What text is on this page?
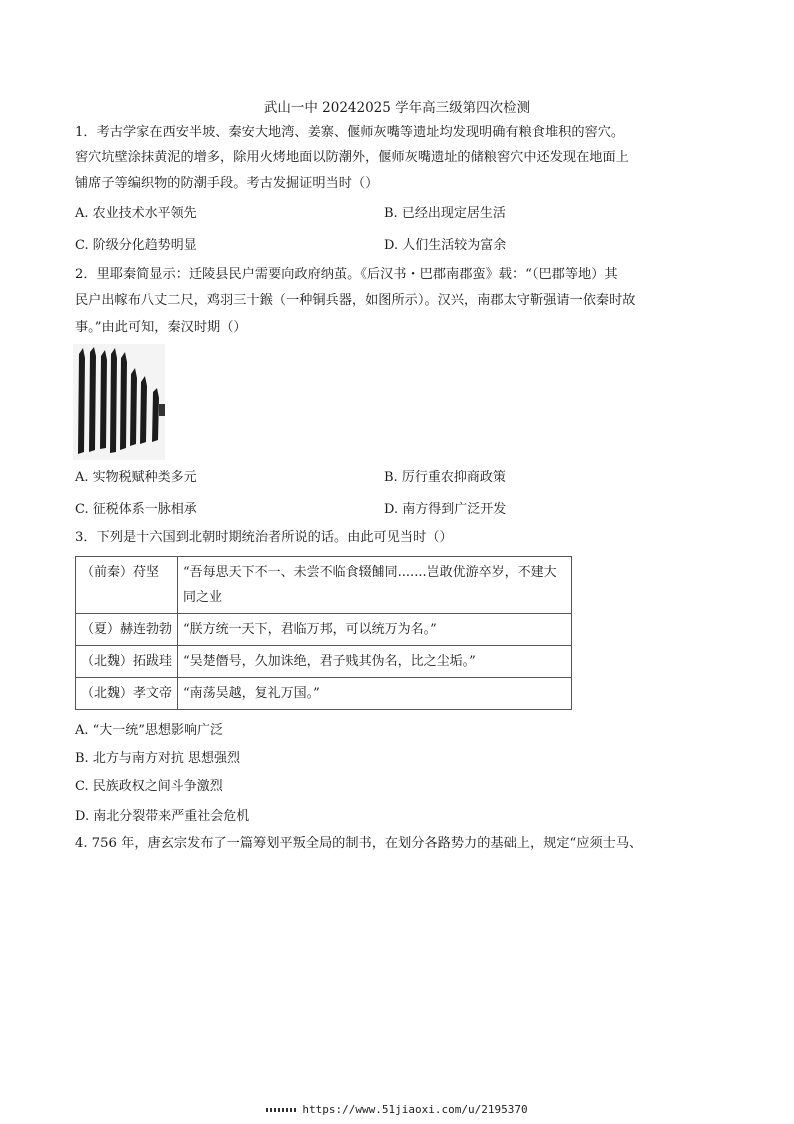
武山一中 20242025 学年高三级第四次检测
1．考古学家在西安半坡、秦安大地湾、姜寨、偃师灰嘴等遗址均发现明确有粮食堆积的窖穴。
窖穴坑壁涂抹黄泥的增多，除用火烤地面以防潮外，偃师灰嘴遗址的储粮窖穴中还发现在地面上
铺席子等编织物的防潮手段。考古发掘证明当时（）
A. 农业技术水平领先	B. 已经出现定居生活
C. 阶级分化趋势明显	D. 人们生活较为富余
2．里耶秦简显示：迁陵县民户需要向政府纳茧。《后汉书・巴郡南郡蛮》载：“（巴郡等地）其
民户出幏布八丈二尺，鸡羽三十鍭（一种铜兵器，如图所示）。汉兴，南郡太守靳强请一依秦时故
事。”由此可知，秦汉时期（）
A. 实物税赋种类多元	B. 厉行重农抑商政策
C. 征税体系一脉相承	D. 南方得到广泛开发
3．下列是十六国到北朝时期统治者所说的话。由此可见当时（）
（前秦）苻坚	“吾每思天下不一、未尝不临食辍餔同.......岂敢优游卒岁，不建大同之业
（夏）赫连勃勃	“朕方统一天下，君临万邦，可以统万为名。”
（北魏）拓跋珪	“吴楚僭号，久加诛绝，君子贱其伪名，比之尘垢。”
（北魏）孝文帝	“南荡吴越，复礼万国。”
A. “大一统”思想影响广泛
B. 北方与南方对抗 思想强烈
C. 民族政权之间斗争激烈
D. 南北分裂带来严重社会危机
4. 756 年，唐玄宗发布了一篇筹划平叛全局的制书，在划分各路势力的基础上，规定“应须士马、
https://www.51jiaoxi.com/u/2195370
